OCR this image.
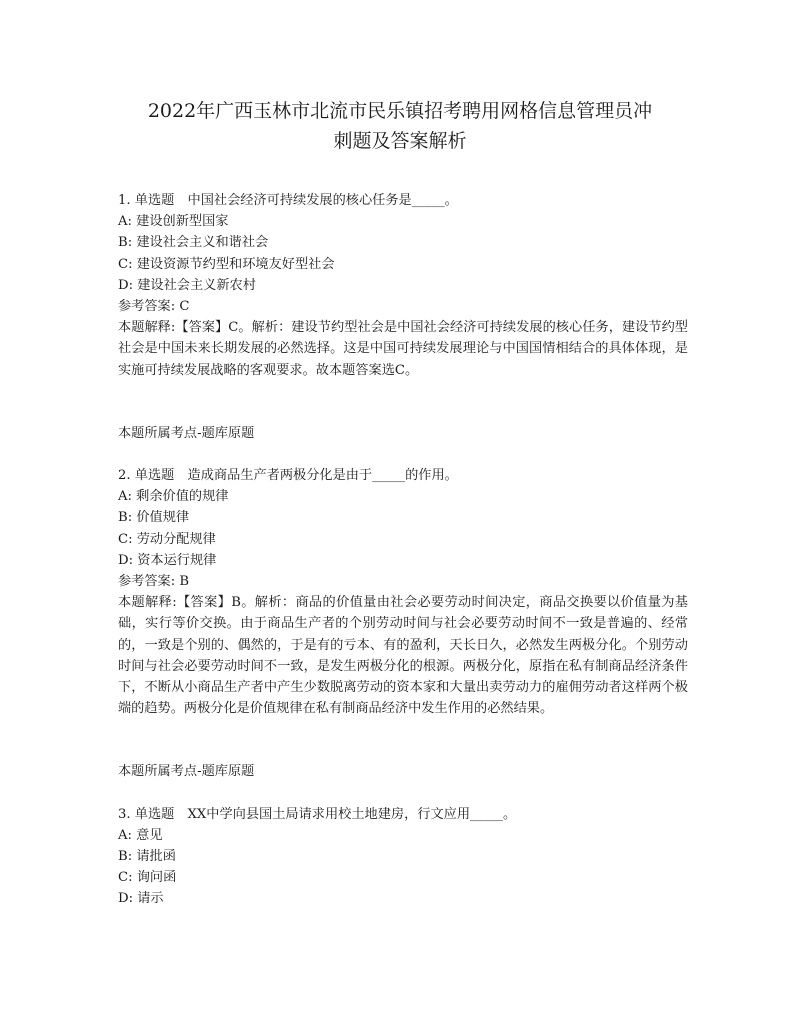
2022年广西玉林市北流市民乐镇招考聘用网格信息管理员冲
刺题及答案解析
1. 单选题　中国社会经济可持续发展的核心任务是_____。
A: 建设创新型国家
B: 建设社会主义和谐社会
C: 建设资源节约型和环境友好型社会
D: 建设社会主义新农村
参考答案: C
本题解释:【答案】C。解析：建设节约型社会是中国社会经济可持续发展的核心任务，建设节约型社会是中国未来长期发展的必然选择。这是中国可持续发展理论与中国国情相结合的具体体现，是实施可持续发展战略的客观要求。故本题答案选C。
本题所属考点-题库原题
2. 单选题　造成商品生产者两极分化是由于_____的作用。
A: 剩余价值的规律
B: 价值规律
C: 劳动分配规律
D: 资本运行规律
参考答案: B
本题解释:【答案】B。解析：商品的价值量由社会必要劳动时间决定，商品交换要以价值量为基础，实行等价交换。由于商品生产者的个别劳动时间与社会必要劳动时间不一致是普遍的、经常的，一致是个别的、偶然的，于是有的亏本、有的盈利，天长日久，必然发生两极分化。个别劳动时间与社会必要劳动时间不一致，是发生两极分化的根源。两极分化，原指在私有制商品经济条件下，不断从小商品生产者中产生少数脱离劳动的资本家和大量出卖劳动力的雇佣劳动者这样两个极端的趋势。两极分化是价值规律在私有制商品经济中发生作用的必然结果。
本题所属考点-题库原题
3. 单选题　XX中学向县国土局请求用校土地建房，行文应用_____。
A: 意见
B: 请批函
C: 询问函
D: 请示
